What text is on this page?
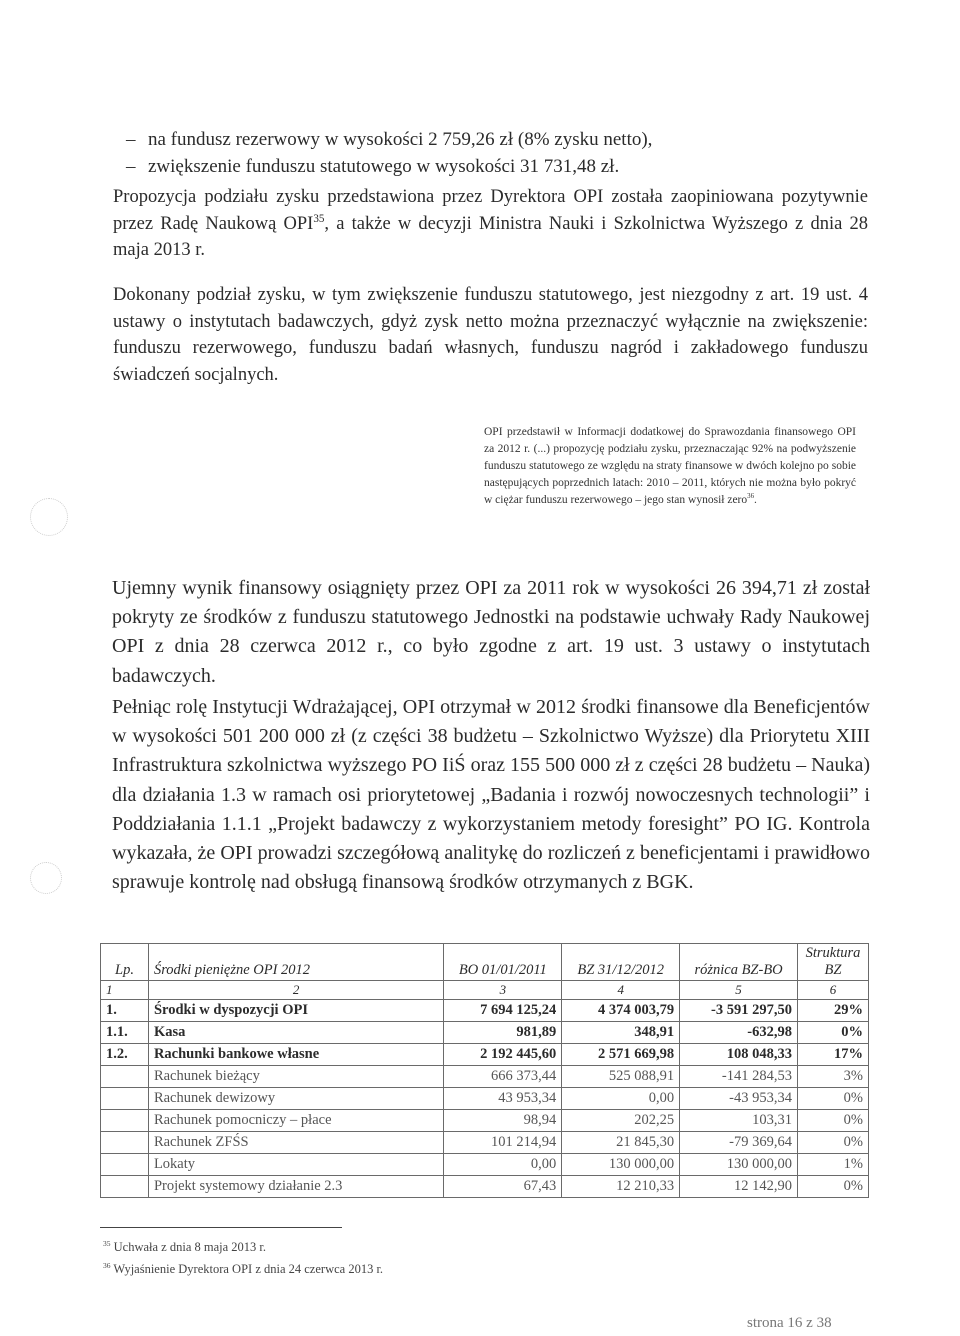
– na fundusz rezerwowy w wysokości 2 759,26 zł (8% zysku netto),
– zwiększenie funduszu statutowego w wysokości 31 731,48 zł.
Propozycja podziału zysku przedstawiona przez Dyrektora OPI została zaopiniowana pozytywnie przez Radę Naukową OPI$^{35}$, a także w decyzji Ministra Nauki i Szkolnictwa Wyższego z dnia 28 maja 2013 r.
Dokonany podział zysku, w tym zwiększenie funduszu statutowego, jest niezgodny z art. 19 ust. 4 ustawy o instytutach badawczych, gdyż zysk netto można przeznaczyć wyłącznie na zwiększenie: funduszu rezerwowego, funduszu badań własnych, funduszu nagród i zakładowego funduszu świadczeń socjalnych.
OPI przedstawił w Informacji dodatkowej do Sprawozdania finansowego OPI za 2012 r. (...) propozycję podziału zysku, przeznaczając 92% na podwyższenie funduszu statutowego ze względu na straty finansowe w dwóch kolejno po sobie następujących poprzednich latach: 2010 – 2011, których nie można było pokryć w ciężar funduszu rezerwowego – jego stan wynosił zero$^{36}$.
Ujemny wynik finansowy osiągnięty przez OPI za 2011 rok w wysokości 26 394,71 zł został pokryty ze środków z funduszu statutowego Jednostki na podstawie uchwały Rady Naukowej OPI z dnia 28 czerwca 2012 r., co było zgodne z art. 19 ust. 3 ustawy o instytutach badawczych.
Pełniąc rolę Instytucji Wdrażającej, OPI otrzymał w 2012 środki finansowe dla Beneficjentów w wysokości 501 200 000 zł (z części 38 budżetu – Szkolnictwo Wyższe) dla Priorytetu XIII Infrastruktura szkolnictwa wyższego PO IiŚ oraz 155 500 000 zł z części 28 budżetu – Nauka) dla działania 1.3 w ramach osi priorytetowej „Badania i rozwój nowoczesnych technologii” i Poddziałania 1.1.1 „Projekt badawczy z wykorzystaniem metody foresight” PO IG. Kontrola wykazała, że OPI prowadzi szczegółową analitykę do rozliczeń z beneficjentami i prawidłowo sprawuje kontrolę nad obsługą finansową środków otrzymanych z BGK.
Lp.	Środki pieniężne OPI 2012	BO 01/01/2011	BZ 31/12/2012	różnica BZ-BO	Struktura BZ
1	2	3	4	5	6
1.	Środki w dyspozycji OPI	7 694 125,24	4 374 003,79	-3 591 297,50	29%
1.1.	Kasa	981,89	348,91	-632,98	0%
1.2.	Rachunki bankowe własne	2 192 445,60	2 571 669,98	108 048,33	17%
	Rachunek bieżący	666 373,44	525 088,91	-141 284,53	3%
	Rachunek dewizowy	43 953,34	0,00	-43 953,34	0%
	Rachunek pomocniczy – płace	98,94	202,25	103,31	0%
	Rachunek ZFŚS	101 214,94	21 845,30	-79 369,64	0%
	Lokaty	0,00	130 000,00	130 000,00	1%
	Projekt systemowy działanie 2.3	67,43	12 210,33	12 142,90	0%
$^{35}$ Uchwała z dnia 8 maja 2013 r.
$^{36}$ Wyjaśnienie Dyrektora OPI z dnia 24 czerwca 2013 r.
strona 16 z 38
